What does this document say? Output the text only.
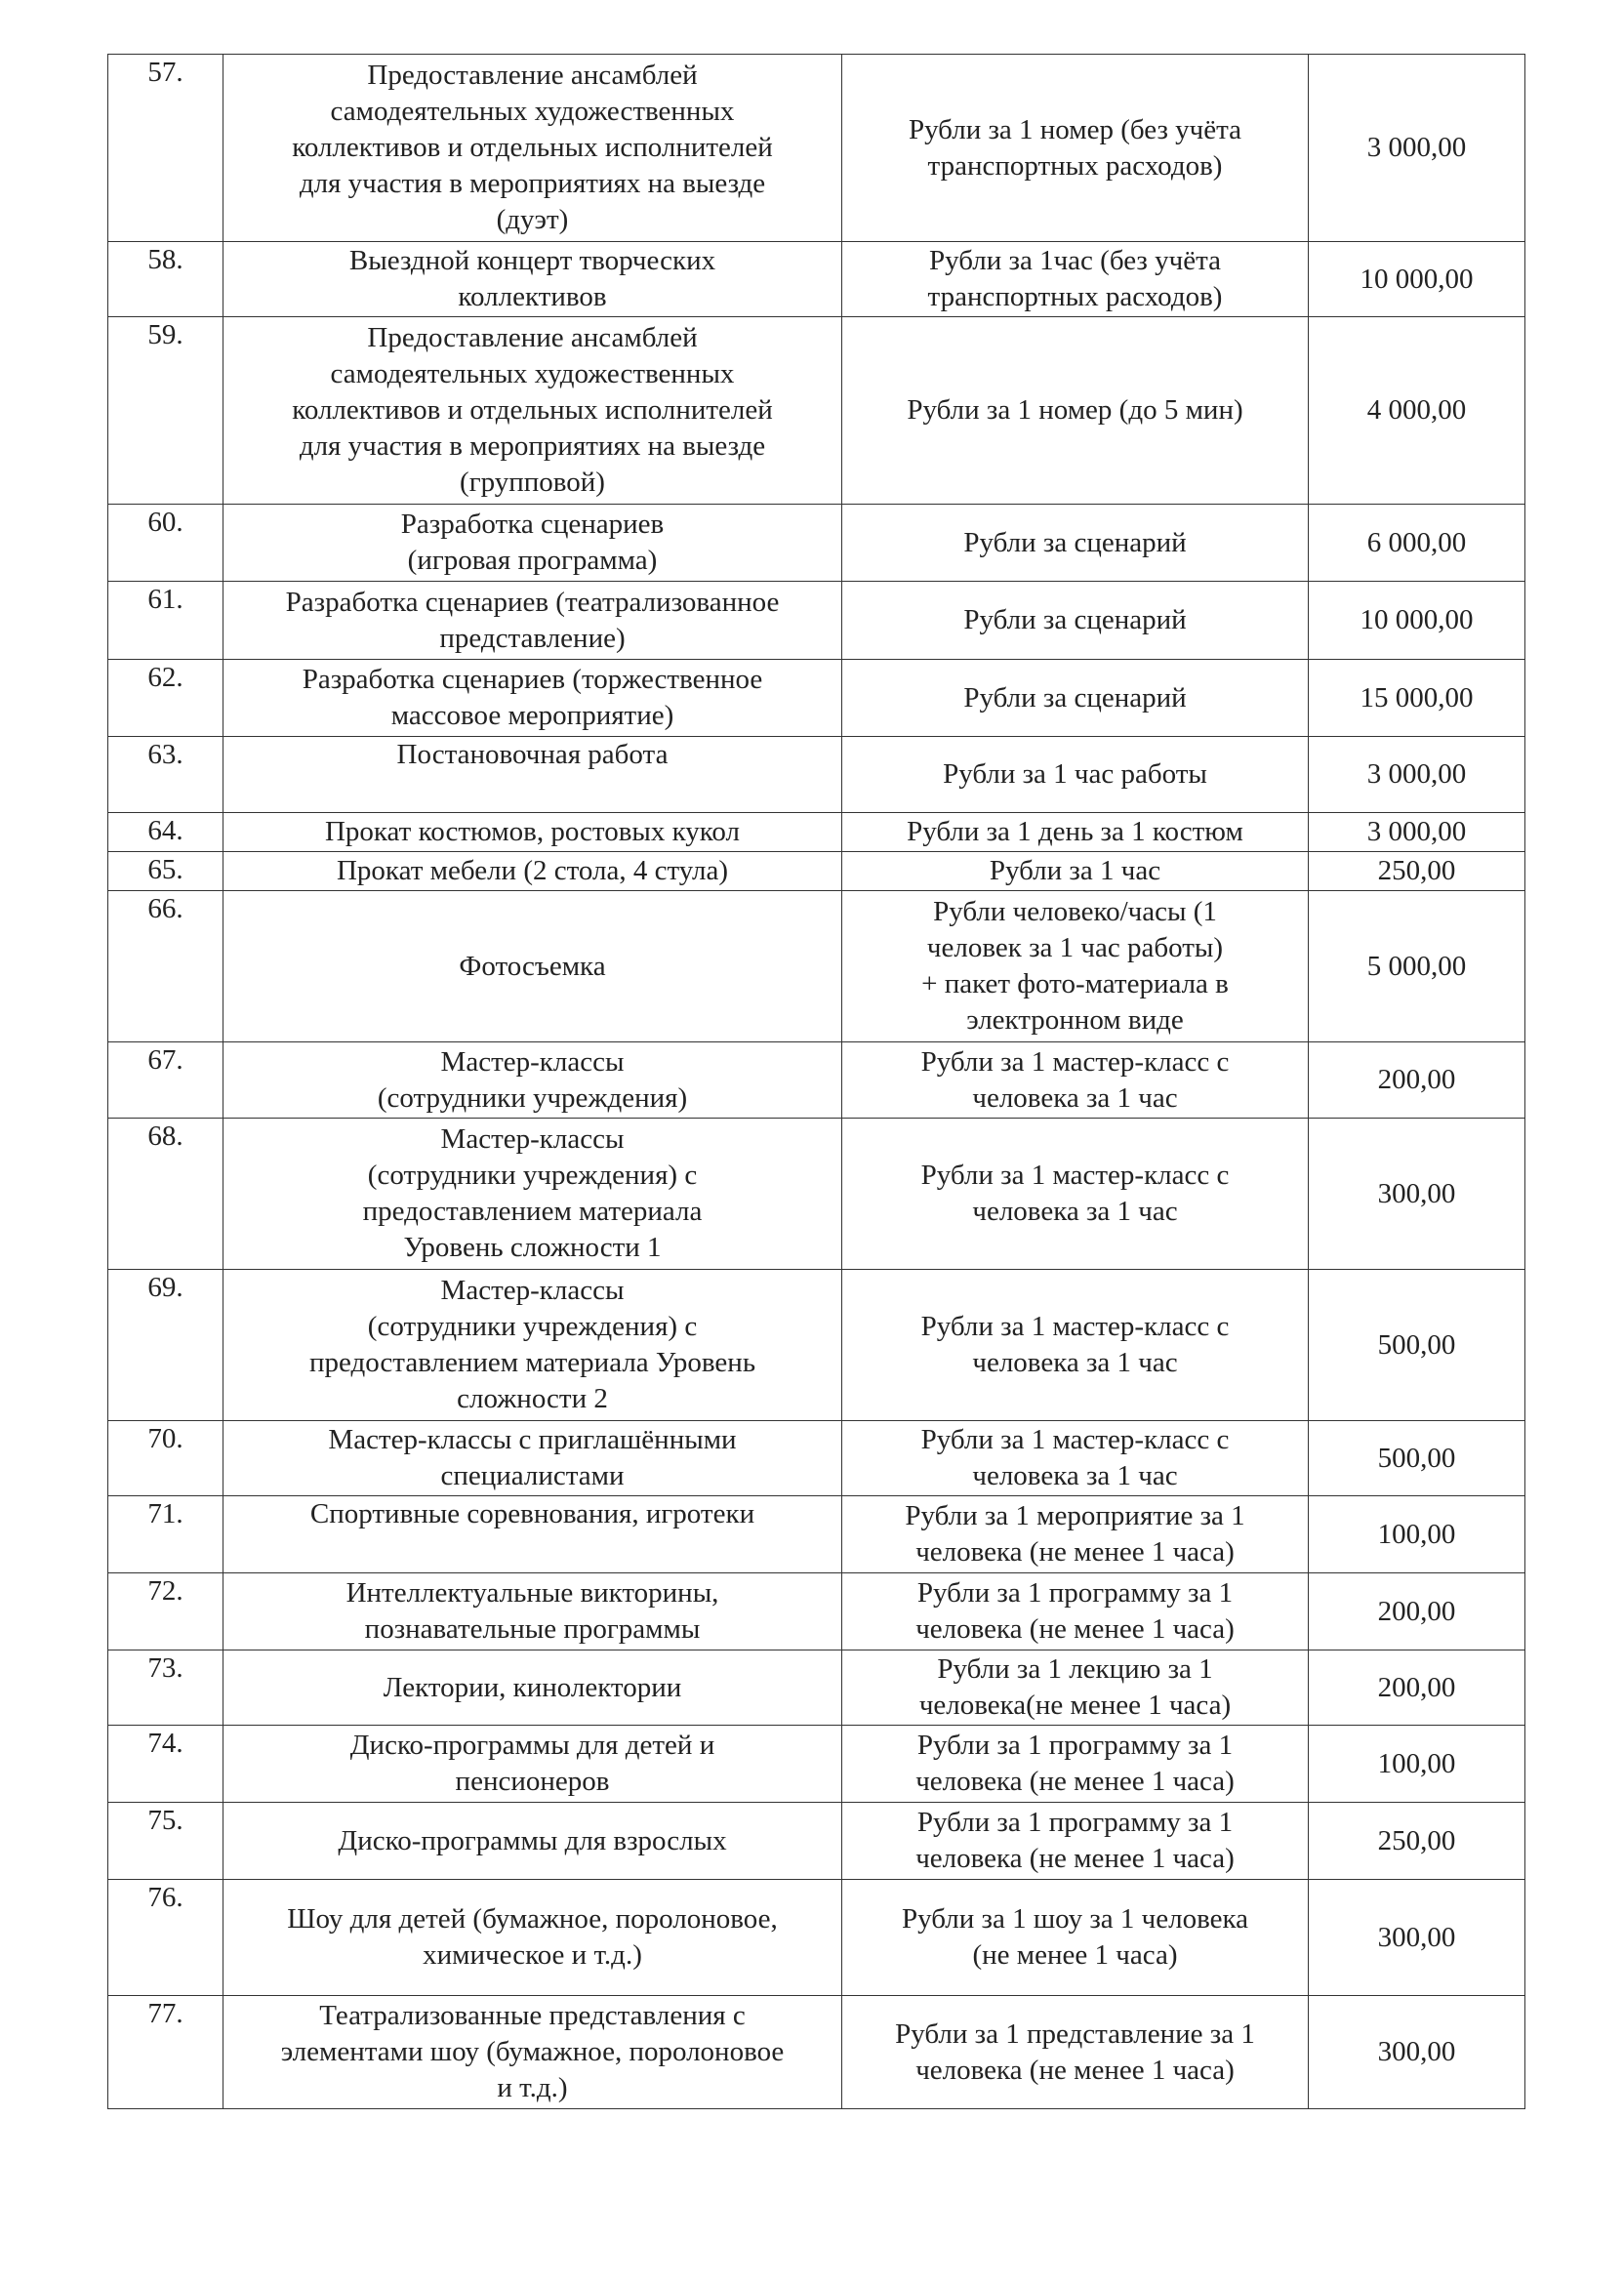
57.	Предоставление ансамблей
самодеятельных художественных
коллективов и отдельных исполнителей
для участия в мероприятиях на выезде
(дуэт)	Рубли за 1 номер (без учёта
транспортных расходов)	3 000,00
58.	Выездной концерт творческих
коллективов	Рубли за 1час (без учёта
транспортных расходов)	10 000,00
59.	Предоставление ансамблей
самодеятельных художественных
коллективов и отдельных исполнителей
для участия в мероприятиях на выезде
(групповой)	Рубли за 1 номер (до 5 мин)	4 000,00
60.	Разработка сценариев
(игровая программа)	Рубли за сценарий	6 000,00
61.	Разработка сценариев (театрализованное
представление)	Рубли за сценарий	10 000,00
62.	Разработка сценариев (торжественное
массовое мероприятие)	Рубли за сценарий	15 000,00
63.	Постановочная работа	Рубли за 1 час работы	3 000,00
64.	Прокат костюмов, ростовых кукол	Рубли за 1 день за 1 костюм	3 000,00
65.	Прокат мебели (2 стола, 4 стула)	Рубли за 1 час	250,00
66.	Фотосъемка	Рубли человеко/часы (1
человек за 1 час работы)
+ пакет фото-материала в
электронном виде	5 000,00
67.	Мастер-классы
(сотрудники учреждения)	Рубли за 1 мастер-класс с
человека за 1 час	200,00
68.	Мастер-классы
(сотрудники учреждения) с
предоставлением материала
Уровень сложности 1	Рубли за 1 мастер-класс с
человека за 1 час	300,00
69.	Мастер-классы
(сотрудники учреждения) с
предоставлением материала Уровень
сложности 2	Рубли за 1 мастер-класс с
человека за 1 час	500,00
70.	Мастер-классы с приглашёнными
специалистами	Рубли за 1 мастер-класс с
человека за 1 час	500,00
71.	Спортивные соревнования, игротеки	Рубли за 1 мероприятие за 1
человека (не менее 1 часа)	100,00
72.	Интеллектуальные викторины,
познавательные программы	Рубли за 1 программу за 1
человека (не менее 1 часа)	200,00
73.	Лектории, кинолектории	Рубли за 1 лекцию за 1
человека(не менее 1 часа)	200,00
74.	Диско-программы для детей и
пенсионеров	Рубли за 1 программу за 1
человека (не менее 1 часа)	100,00
75.	Диско-программы для взрослых	Рубли за 1 программу за 1
человека (не менее 1 часа)	250,00
76.	Шоу для детей (бумажное, поролоновое,
химическое и т.д.)	Рубли за 1 шоу за 1 человека
(не менее 1 часа)	300,00
77.	Театрализованные представления с
элементами шоу (бумажное, поролоновое
и т.д.)	Рубли за 1 представление за 1
человека (не менее 1 часа)	300,00
